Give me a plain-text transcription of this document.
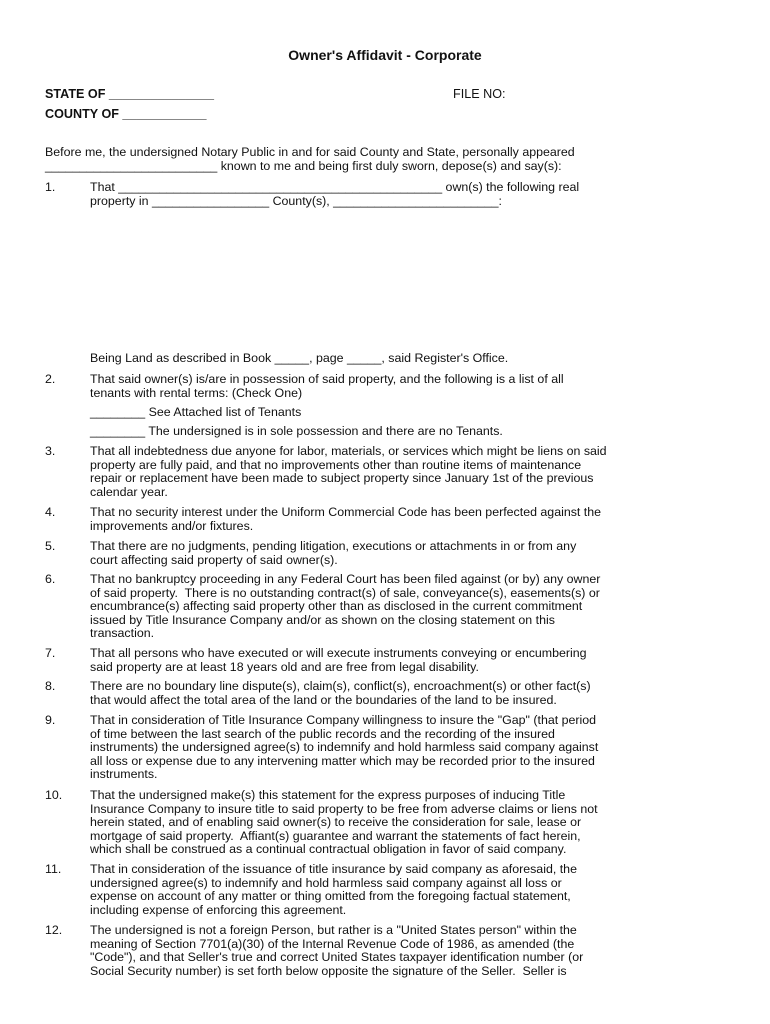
Owner's Affidavit - Corporate
STATE OF _______________
COUNTY OF ____________
FILE NO:
Before me, the undersigned Notary Public in and for said County and State, personally appeared
_________________________ known to me and being first duly sworn, depose(s) and say(s):
1.	That _______________________________________________ own(s) the following real
property in _________________ County(s), ________________________:
Being Land as described in Book _____, page _____, said Register's Office.
2.	That said owner(s) is/are in possession of said property, and the following is a list of all
tenants with rental terms: (Check One)
________ See Attached list of Tenants
________ The undersigned is in sole possession and there are no Tenants.
3.	That all indebtedness due anyone for labor, materials, or services which might be liens on said
property are fully paid, and that no improvements other than routine items of maintenance
repair or replacement have been made to subject property since January 1st of the previous
calendar year.
4.	That no security interest under the Uniform Commercial Code has been perfected against the
improvements and/or fixtures.
5.	That there are no judgments, pending litigation, executions or attachments in or from any
court affecting said property of said owner(s).
6.	That no bankruptcy proceeding in any Federal Court has been filed against (or by) any owner
of said property.  There is no outstanding contract(s) of sale, conveyance(s), easements(s) or
encumbrance(s) affecting said property other than as disclosed in the current commitment
issued by Title Insurance Company and/or as shown on the closing statement on this
transaction.
7.	That all persons who have executed or will execute instruments conveying or encumbering
said property are at least 18 years old and are free from legal disability.
8.	There are no boundary line dispute(s), claim(s), conflict(s), encroachment(s) or other fact(s)
that would affect the total area of the land or the boundaries of the land to be insured.
9.	That in consideration of Title Insurance Company willingness to insure the "Gap" (that period
of time between the last search of the public records and the recording of the insured
instruments) the undersigned agree(s) to indemnify and hold harmless said company against
all loss or expense due to any intervening matter which may be recorded prior to the insured
instruments.
10.	That the undersigned make(s) this statement for the express purposes of inducing Title
Insurance Company to insure title to said property to be free from adverse claims or liens not
herein stated, and of enabling said owner(s) to receive the consideration for sale, lease or
mortgage of said property.  Affiant(s) guarantee and warrant the statements of fact herein,
which shall be construed as a continual contractual obligation in favor of said company.
11.	That in consideration of the issuance of title insurance by said company as aforesaid, the
undersigned agree(s) to indemnify and hold harmless said company against all loss or
expense on account of any matter or thing omitted from the foregoing factual statement,
including expense of enforcing this agreement.
12.	The undersigned is not a foreign Person, but rather is a "United States person" within the
meaning of Section 7701(a)(30) of the Internal Revenue Code of 1986, as amended (the
"Code"), and that Seller's true and correct United States taxpayer identification number (or
Social Security number) is set forth below opposite the signature of the Seller.  Seller is
